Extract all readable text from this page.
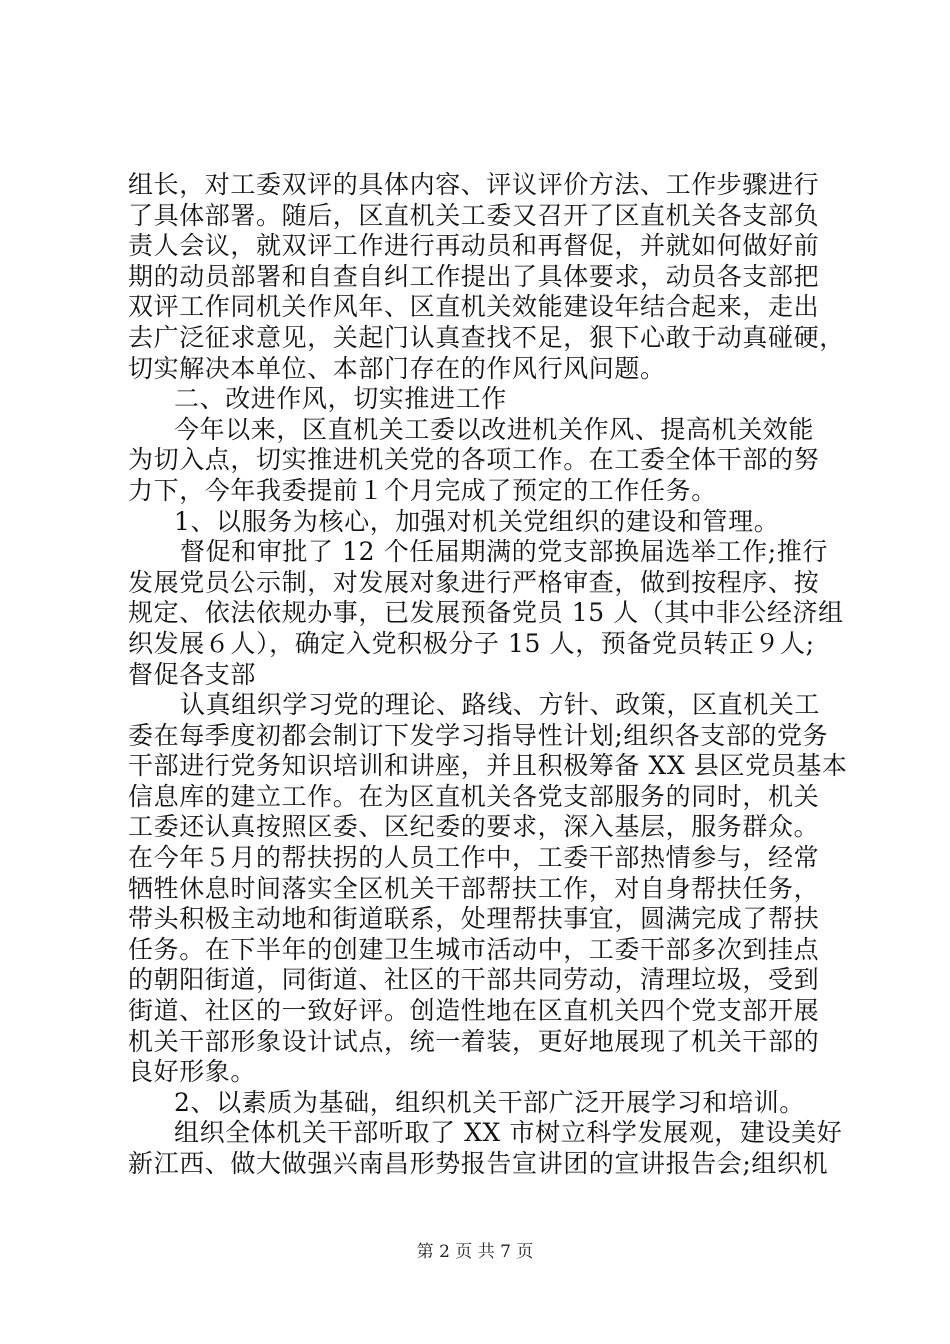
组长，对工委双评的具体内容、评议评价方法、工作步骤进行
了具体部署。随后，区直机关工委又召开了区直机关各支部负
责人会议，就双评工作进行再动员和再督促，并就如何做好前
期的动员部署和自查自纠工作提出了具体要求，动员各支部把
双评工作同机关作风年、区直机关效能建设年结合起来，走出
去广泛征求意见，关起门认真查找不足，狠下心敢于动真碰硬，
切实解决本单位、本部门存在的作风行风问题。
二、改进作风，切实推进工作
今年以来，区直机关工委以改进机关作风、提高机关效能
为切入点，切实推进机关党的各项工作。在工委全体干部的努
力下，今年我委提前１个月完成了预定的工作任务。
1、以服务为核心，加强对机关党组织的建设和管理。
督促和审批了 12 个任届期满的党支部换届选举工作;推行
发展党员公示制，对发展对象进行严格审查，做到按程序、按
规定、依法依规办事，已发展预备党员 15 人（其中非公经济组
织发展６人），确定入党积极分子 15 人，预备党员转正９人;
督促各支部
认真组织学习党的理论、路线、方针、政策，区直机关工
委在每季度初都会制订下发学习指导性计划;组织各支部的党务
干部进行党务知识培训和讲座，并且积极筹备 XX 县区党员基本
信息库的建立工作。在为区直机关各党支部服务的同时，机关
工委还认真按照区委、区纪委的要求，深入基层，服务群众。
在今年５月的帮扶拐的人员工作中，工委干部热情参与，经常
牺牲休息时间落实全区机关干部帮扶工作，对自身帮扶任务，
带头积极主动地和街道联系，处理帮扶事宜，圆满完成了帮扶
任务。在下半年的创建卫生城市活动中，工委干部多次到挂点
的朝阳街道，同街道、社区的干部共同劳动，清理垃圾，受到
街道、社区的一致好评。创造性地在区直机关四个党支部开展
机关干部形象设计试点，统一着装，更好地展现了机关干部的
良好形象。
2、以素质为基础，组织机关干部广泛开展学习和培训。
组织全体机关干部听取了 XX 市树立科学发展观，建设美好
新江西、做大做强兴南昌形势报告宣讲团的宣讲报告会;组织机
第 2 页 共 7 页
